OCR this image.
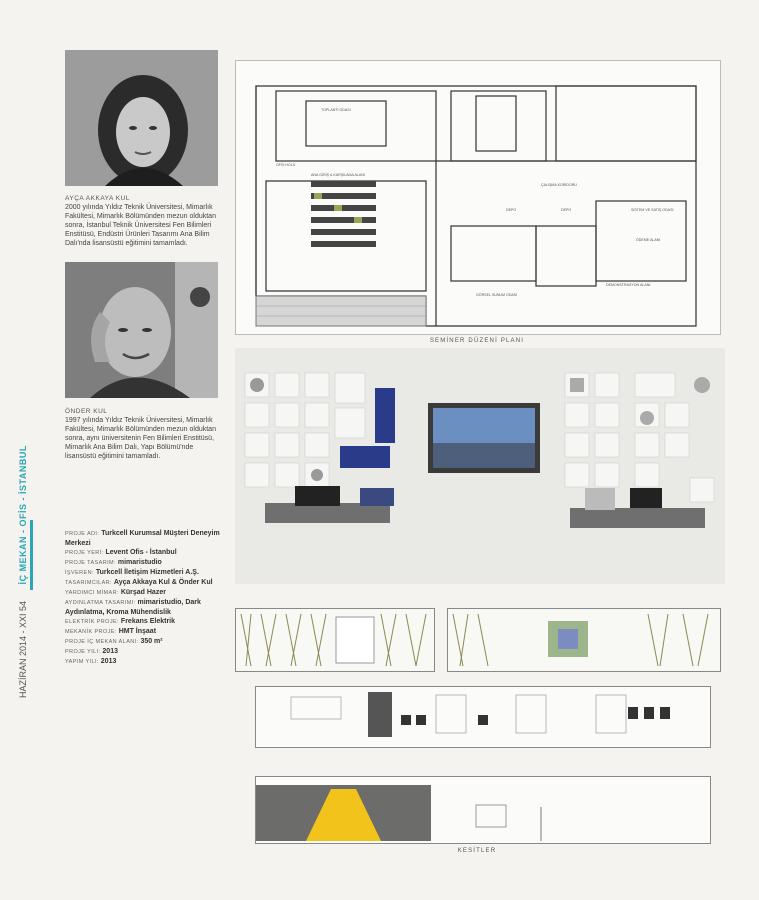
AYÇA AKKAYA KUL
2000 yılında Yıldız Teknik Üniversitesi, Mimarlık Fakültesi, Mimarlık Bölümünden mezun olduktan sonra, İstanbul Teknik Üniversitesi Fen Bilimleri Enstitüsü, Endüstri Ürünleri Tasarımı Ana Bilim Dalı'nda lisansüstü eğitimini tamamladı.
ÖNDER KUL
1997 yılında Yıldız Teknik Üniversitesi, Mimarlık Fakültesi, Mimarlık Bölümünden mezun olduktan sonra, aynı üniversitenin Fen Bilimleri Enstitüsü, Mimarlık Ana Bilim Dalı, Yapı Bölümü'nde lisansüstü eğitimini tamamladı.
PROJE ADI: Turkcell Kurumsal Müşteri Deneyim Merkezi
PROJE YERİ: Levent Ofis - İstanbul
PROJE TASARIM: mimaristudio
İŞVEREN: Turkcell İletişim Hizmetleri A.Ş.
TASARIMCILAR: Ayça Akkaya Kul & Önder Kul
YARDIMCI MİMAR: Kürşad Hazer
AYDINLATMA TASARIMI: mimaristudio, Dark Aydınlatma, Kroma Mühendislik
ELEKTRİK PROJE: Frekans Elektrik
MEKANİK PROJE: HMT İnşaat
PROJE İÇ MEKAN ALANI: 350 m²
PROJE YILI: 2013
YAPIM YILI: 2013
HAZİRAN 2014 - XXI 54 İÇ MEKAN - OFİS - İSTANBUL
TOPLANTI ODASI
OFİS HOLÜ
ANA GİRİŞ & KARŞILAMA ALANI
ÇALIŞMA KORİDORU
DEPO
DEPO	SİSTEM VE SATIŞ ODASI
ÖDEME ALANI
DEMONSTRASYON ALANI
GÖRSEL SUNUM ODASI
SEMİNER DÜZENİ PLANI
KESİTLER
